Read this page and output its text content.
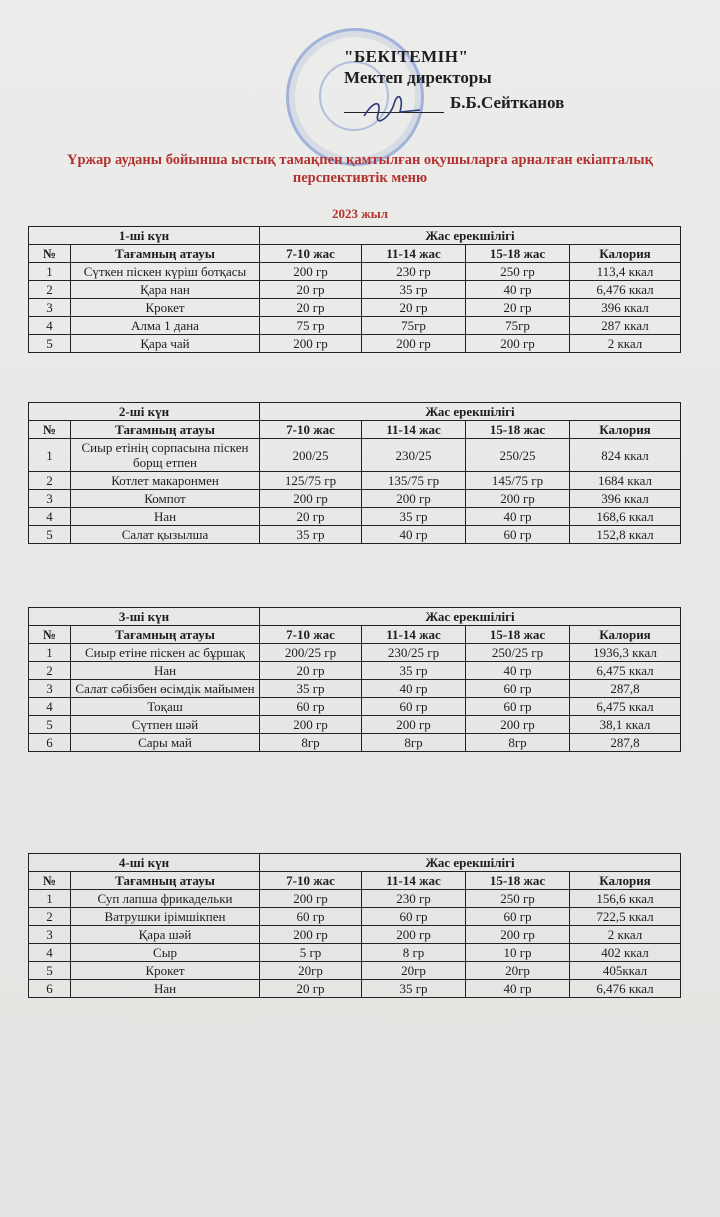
"БЕКІТЕМІН"
Мектеп директоры
Б.Б.Сейтканов
Үржар ауданы бойынша ыстық тамақпен қамтылған оқушыларға арналған екіапталық перспективтік меню
2023 жыл
1-ші күн		Жас ерекшілігі			
№	Тағамның атауы	7-10 жас	11-14 жас	15-18 жас	Калория
1	Сүткен піскен күріш ботқасы	200 гр	230 гр	250 гр	113,4 ккал
2	Қара нан	20 гр	35 гр	40 гр	6,476 ккал
3	Крокет	20 гр	20 гр	20 гр	396 ккал
4	Алма 1 дана	75 гр	75гр	75гр	287 ккал
5	Қара чай	200 гр	200 гр	200 гр	2 ккал
2-ші күн		Жас ерекшілігі			
№	Тағамның атауы	7-10 жас	11-14 жас	15-18 жас	Калория
1	Сиыр етінің сорпасына піскен борщ етпен	200/25	230/25	250/25	824 ккал
2	Котлет макаронмен	125/75 гр	135/75 гр	145/75 гр	1684 ккал
3	Компот	200 гр	200 гр	200 гр	396 ккал
4	Нан	20 гр	35 гр	40 гр	168,6 ккал
5	Салат қызылша	35 гр	40 гр	60 гр	152,8 ккал
3-ші күн		Жас ерекшілігі			
№	Тағамның атауы	7-10 жас	11-14 жас	15-18 жас	Калория
1	Сиыр етіне піскен ас бұршақ	200/25 гр	230/25 гр	250/25 гр	1936,3 ккал
2	Нан	20 гр	35 гр	40 гр	6,475 ккал
3	Салат сәбізбен өсімдік майымен	35 гр	40 гр	60 гр	287,8
4	Тоқаш	60 гр	60 гр	60 гр	6,475 ккал
5	Сүтпен шәй	200 гр	200 гр	200 гр	38,1 ккал
6	Сары май	8гр	8гр	8гр	287,8
4-ші күн		Жас ерекшілігі			
№	Тағамның атауы	7-10 жас	11-14 жас	15-18 жас	Калория
1	Суп лапша фрикадельки	200 гр	230 гр	250 гр	156,6 ккал
2	Ватрушки ірімшікпен	60 гр	60 гр	60 гр	722,5 ккал
3	Қара шәй	200 гр	200 гр	200 гр	2 ккал
4	Сыр	5 гр	8 гр	10 гр	402 ккал
5	Крокет	20гр	20гр	20гр	405ккал
6	Нан	20 гр	35 гр	40 гр	6,476 ккал
